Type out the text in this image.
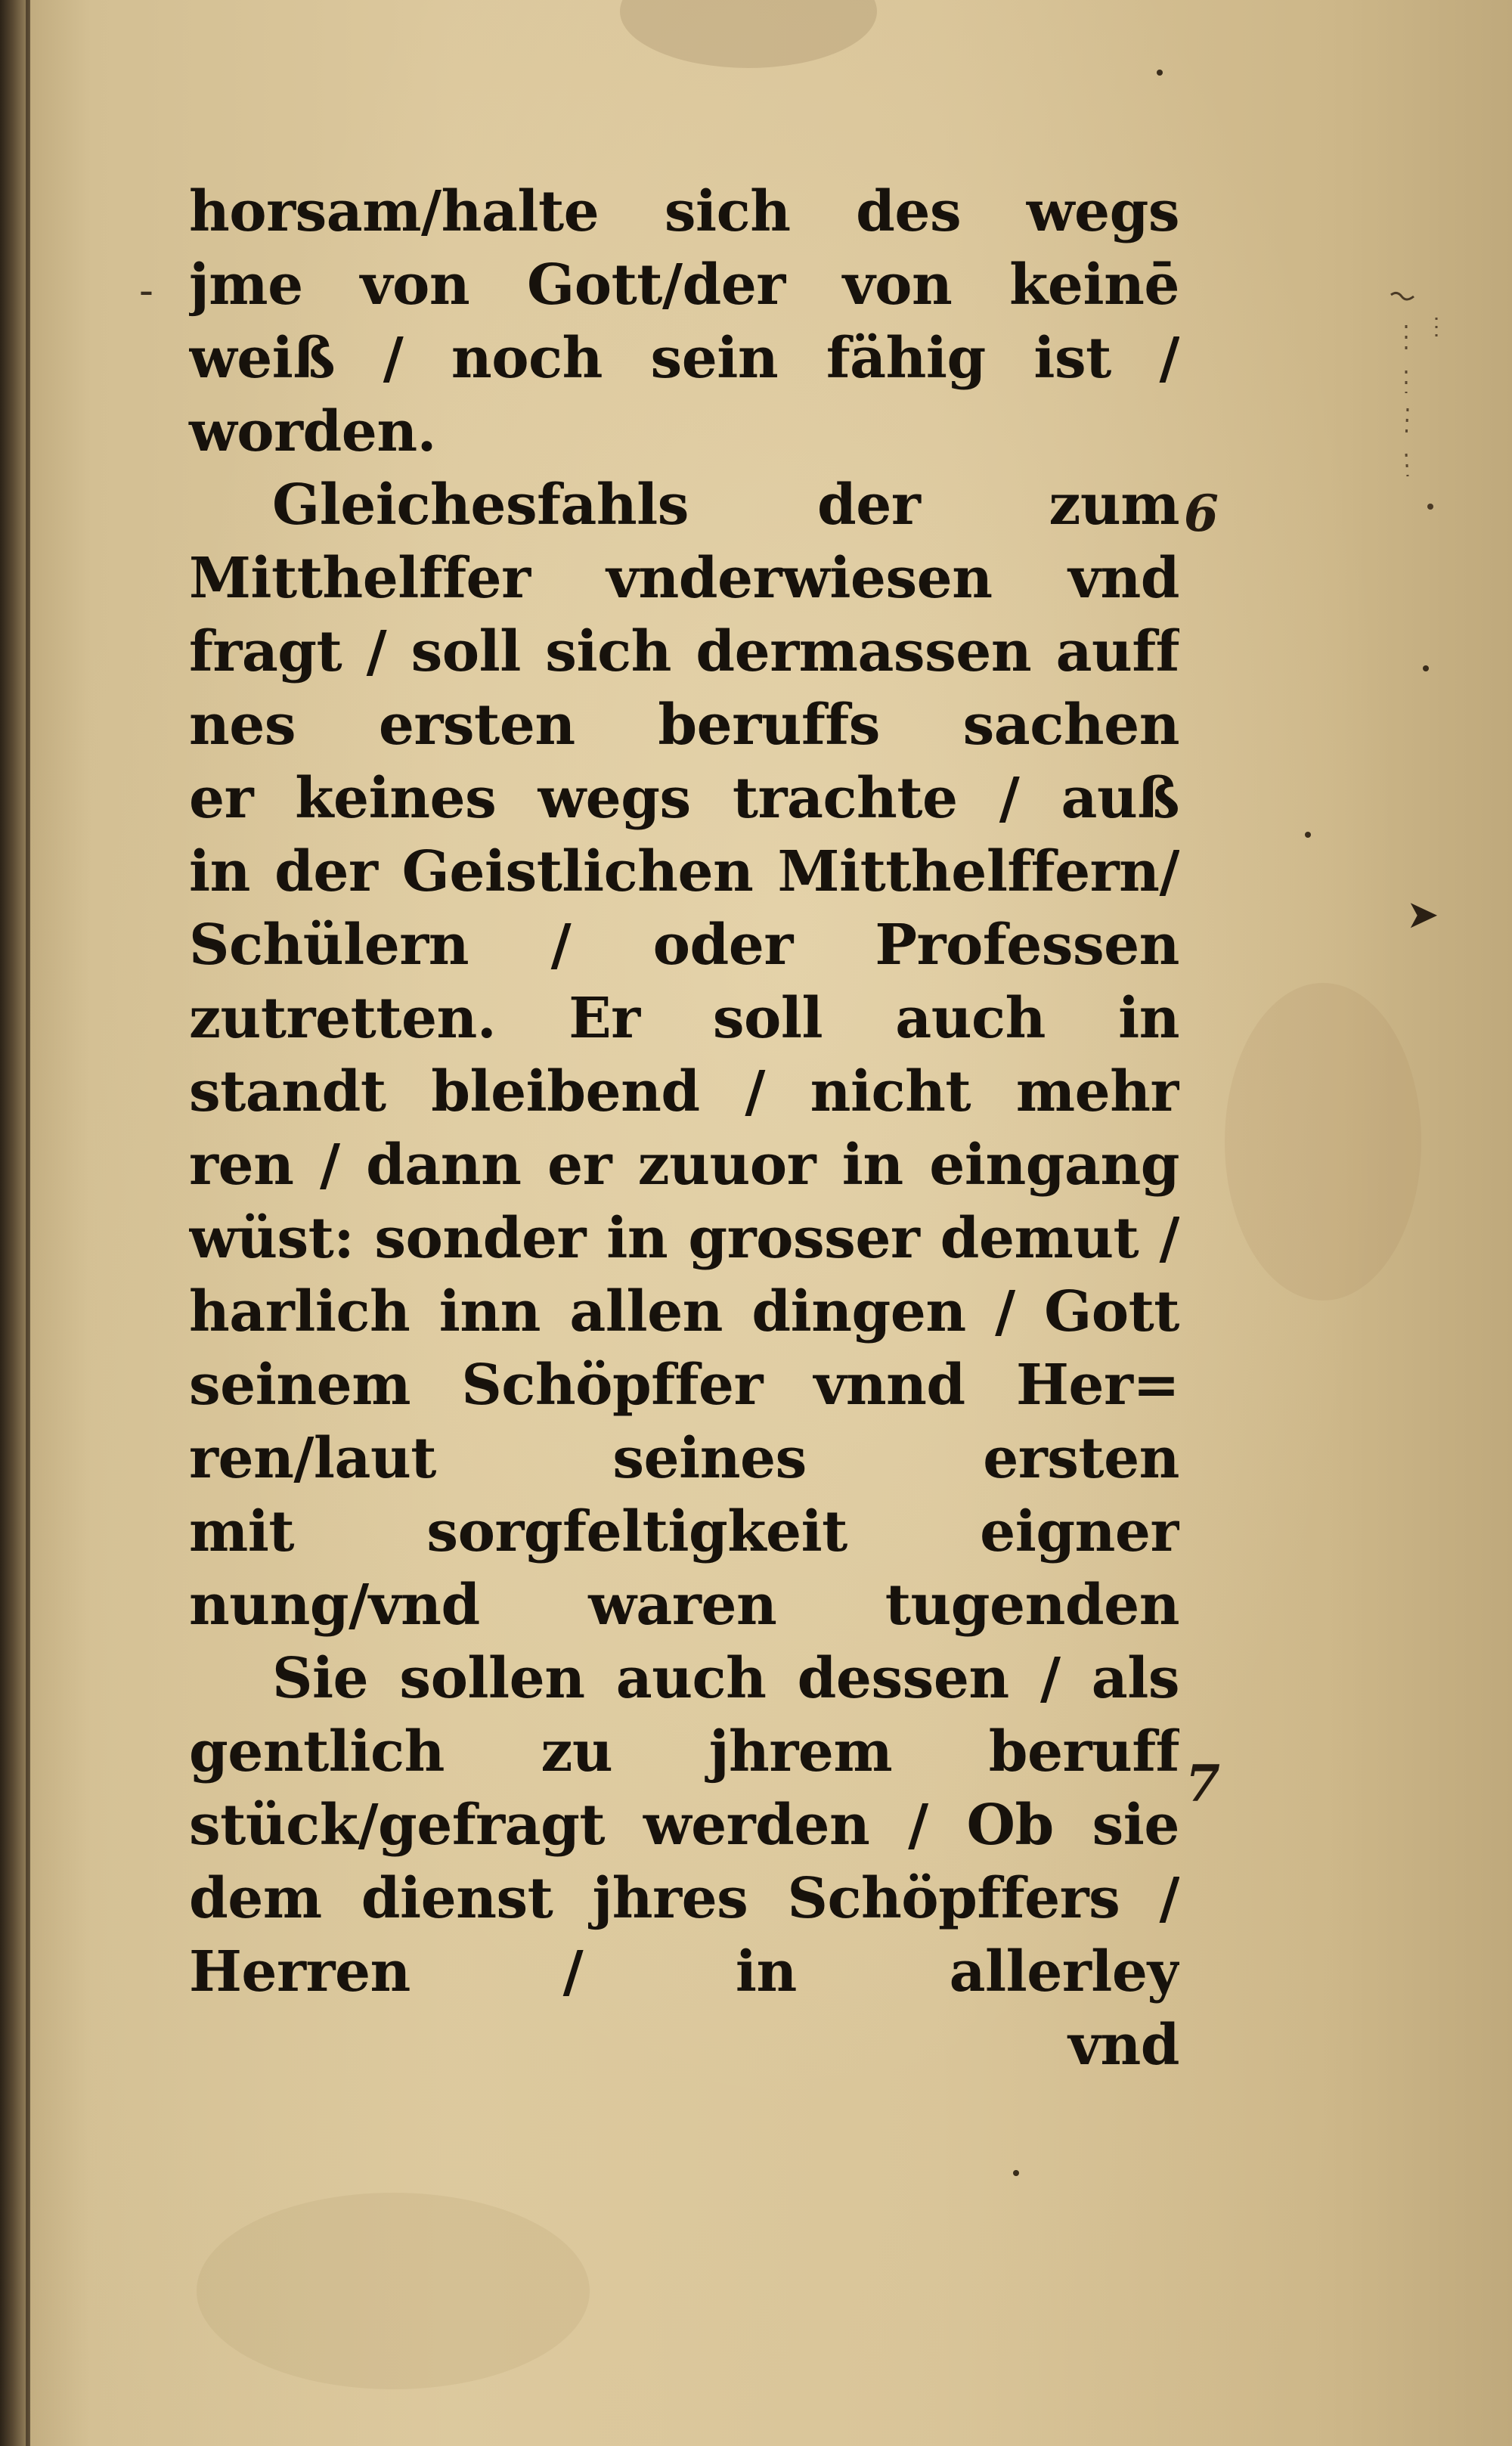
-
horsam/halte sich des wegs
jme von Gott/der von keinē
weiß / noch sein fähig ist /
worden.
Gleichesfahls der zum
Mitthelffer vnderwiesen vnd
fragt / soll sich dermassen auff
nes ersten beruffs sachen
er keines wegs trachte / auß
in der Geistlichen Mitthelffern/
Schülern / oder Professen
zutretten. Er soll auch in
standt bleibend / nicht mehr
ren / dann er zuuor in eingang
wüst: sonder in grosser demut /
harlich inn allen dingen / Gott
seinem Schöpffer vnnd Her=
ren/laut seines ersten
mit sorgfeltigkeit eigner
nung/vnd waren tugenden
Sie sollen auch dessen / als
gentlich zu jhrem beruff
stück/gefragt werden / Ob sie
dem dienst jhres Schöpffers /
Herren / in allerley
vnd
6
7
➤
